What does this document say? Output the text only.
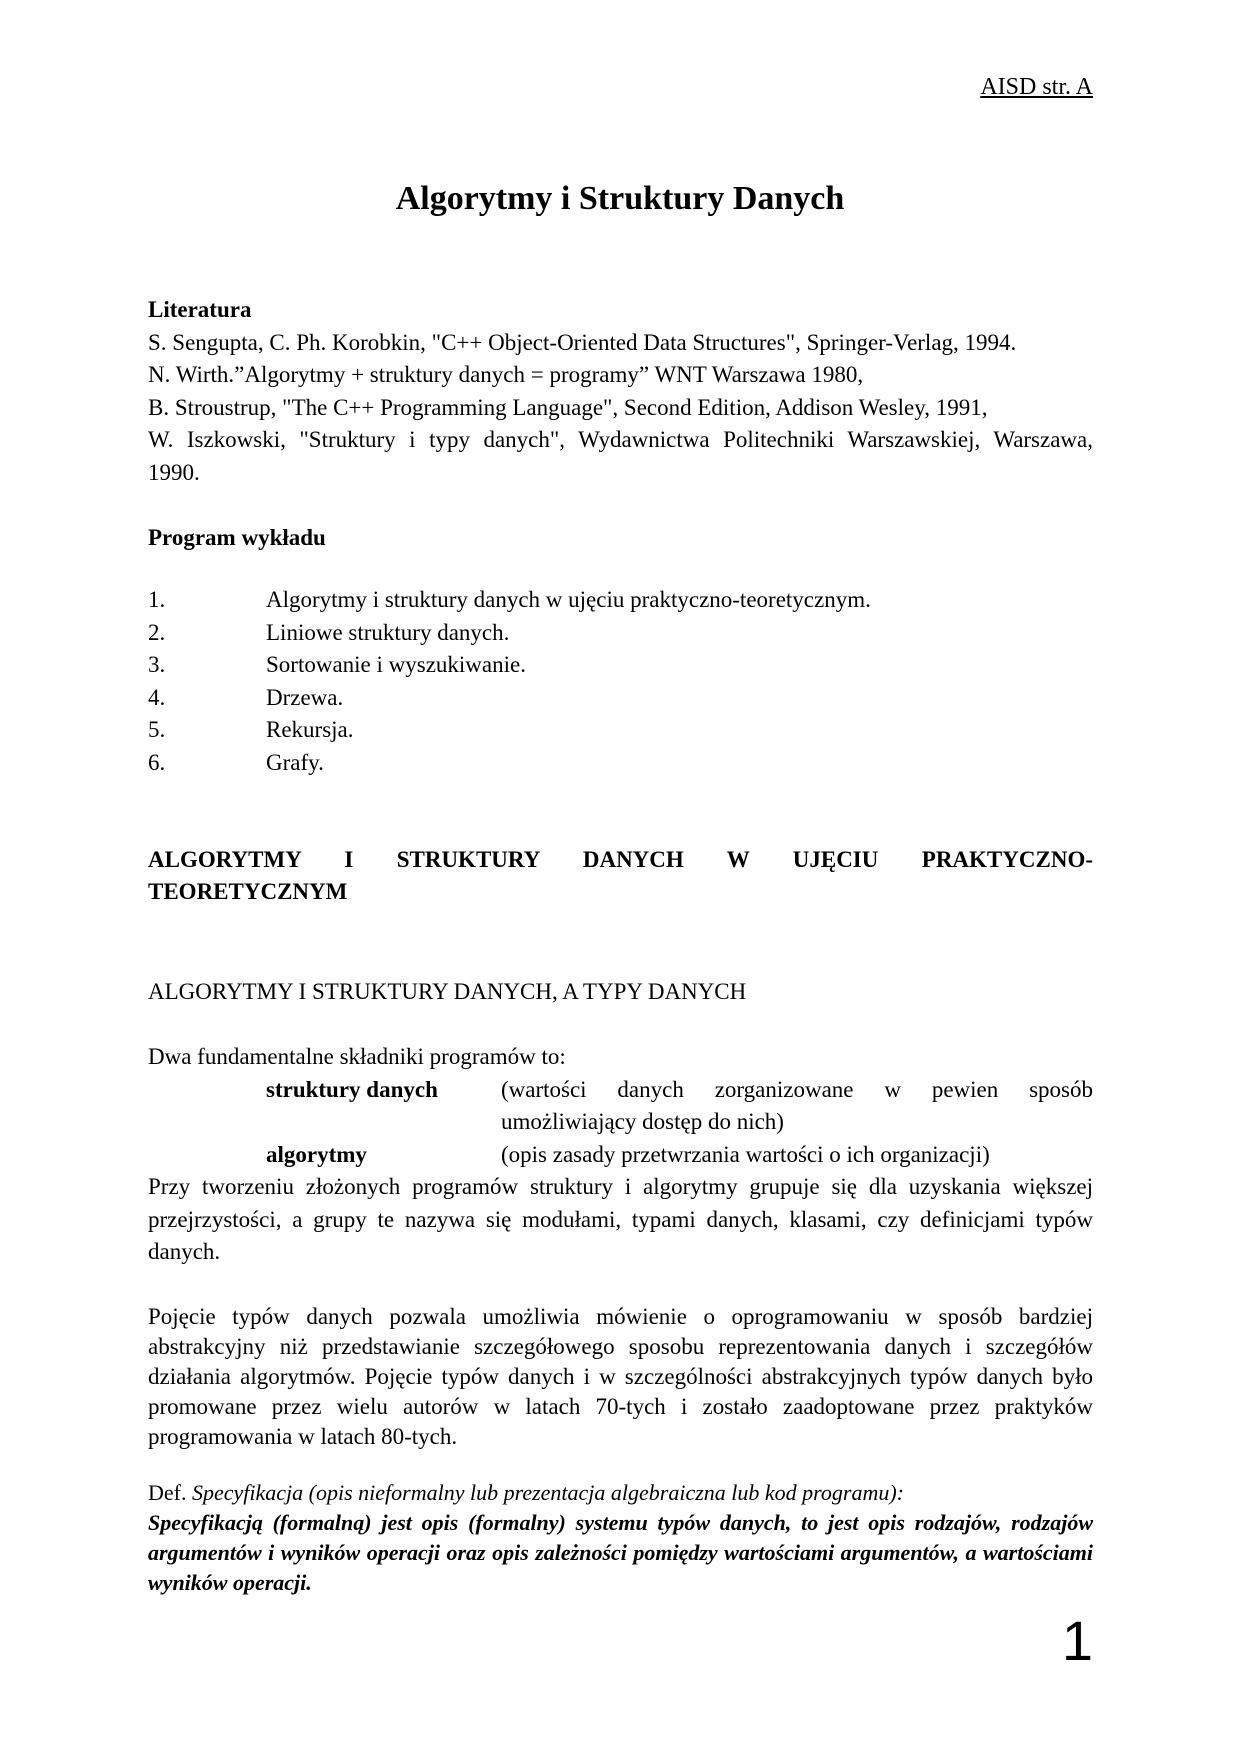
AISD str. A
Algorytmy i Struktury Danych
Literatura
S. Sengupta, C. Ph. Korobkin, "C++ Object-Oriented Data Structures", Springer-Verlag, 1994.
N. Wirth.”Algorytmy + struktury danych = programy” WNT Warszawa 1980,
B. Stroustrup, "The C++ Programming Language", Second Edition, Addison Wesley, 1991,
W. Iszkowski, "Struktury i typy danych", Wydawnictwa Politechniki Warszawskiej, Warszawa,
1990.
Program wykładu
1.	Algorytmy i struktury danych w ujęciu praktyczno-teoretycznym.
2.	Liniowe struktury danych.
3.	Sortowanie i wyszukiwanie.
4.	Drzewa.
5.	Rekursja.
6.	Grafy.
ALGORYTMY I STRUKTURY DANYCH W UJĘCIU PRAKTYCZNO-
TEORETYCZNYM
ALGORYTMY I STRUKTURY DANYCH, A TYPY DANYCH
Dwa fundamentalne składniki programów to:
struktury danych	(wartości danych zorganizowane w pewien sposób umożliwiający dostęp do nich)
algorytmy	(opis zasady przetwrzania wartości o ich organizacji)
Przy tworzeniu złożonych programów struktury i algorytmy grupuje się dla uzyskania większej przejrzystości, a grupy te nazywa się modułami, typami danych, klasami, czy definicjami typów danych.
Pojęcie typów danych pozwala umożliwia mówienie o oprogramowaniu w sposób bardziej abstrakcyjny niż przedstawianie szczegółowego sposobu reprezentowania danych i szczegółów działania algorytmów. Pojęcie typów danych i w szczególności abstrakcyjnych typów danych było promowane przez wielu autorów w latach 70-tych i zostało zaadoptowane przez praktyków programowania w latach 80-tych.
Def. Specyfikacja (opis nieformalny lub prezentacja algebraiczna lub kod programu):
Specyfikacją (formalną) jest opis (formalny) systemu typów danych, to jest opis rodzajów, rodzajów argumentów i wyników operacji oraz opis zależności pomiędzy wartościami argumentów, a wartościami wyników operacji.
1
